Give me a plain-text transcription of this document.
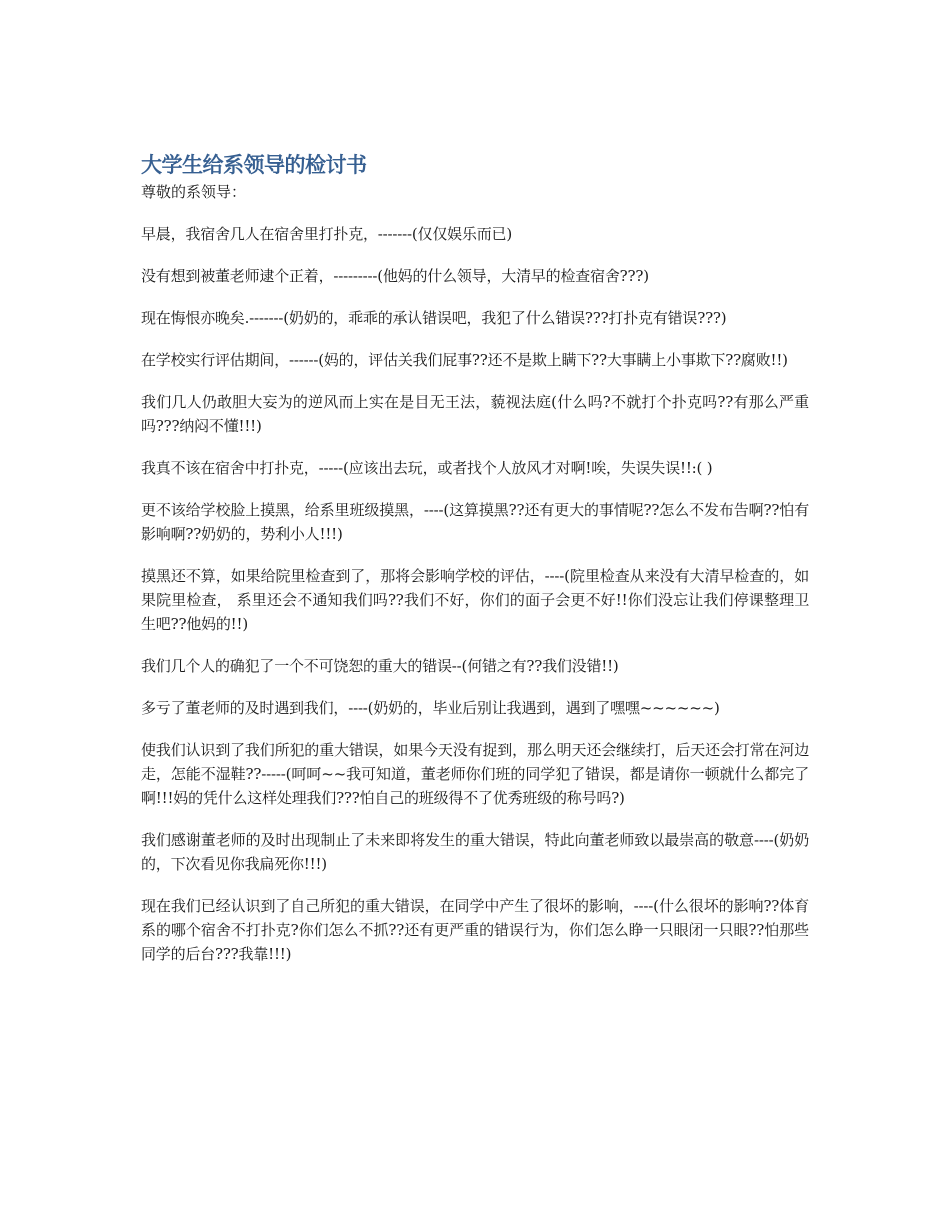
大学生给系领导的检讨书

尊敬的系领导：

早晨，我宿舍几人在宿舍里打扑克，-------(仅仅娱乐而已)

没有想到被董老师逮个正着，---------(他妈的什么领导，大清早的检查宿舍???)

现在悔恨亦晚矣.-------(奶奶的，乖乖的承认错误吧，我犯了什么错误???打扑克有错误???)

在学校实行评估期间，------(妈的，评估关我们屁事??还不是欺上瞒下??大事瞒上小事欺下??腐败!!)

我们几人仍敢胆大妄为的逆风而上实在是目无王法，藐视法庭(什么吗?不就打个扑克吗??有那么严重吗???纳闷不懂!!!)

我真不该在宿舍中打扑克，-----(应该出去玩，或者找个人放风才对啊!唉，失误失误!!:( )

更不该给学校脸上摸黑，给系里班级摸黑，----(这算摸黑??还有更大的事情呢??怎么不发布告啊??怕有影响啊??奶奶的，势利小人!!!)

摸黑还不算，如果给院里检查到了，那将会影响学校的评估，----(院里检查从来没有大清早检查的，如果院里检查， 系里还会不通知我们吗??我们不好，你们的面子会更不好!!你们没忘让我们停课整理卫生吧??他妈的!!)

我们几个人的确犯了一个不可饶恕的重大的错误--(何错之有??我们没错!!)

多亏了董老师的及时遇到我们，----(奶奶的，毕业后别让我遇到，遇到了嘿嘿~~~~~~)

使我们认识到了我们所犯的重大错误，如果今天没有捉到，那么明天还会继续打，后天还会打常在河边走，怎能不湿鞋??-----(呵呵~~我可知道，董老师你们班的同学犯了错误，都是请你一顿就什么都完了啊!!!妈的凭什么这样处理我们???怕自己的班级得不了优秀班级的称号吗?)

我们感谢董老师的及时出现制止了未来即将发生的重大错误，特此向董老师致以最崇高的敬意----(奶奶的，下次看见你我扁死你!!!)

现在我们已经认识到了自己所犯的重大错误，在同学中产生了很坏的影响，----(什么很坏的影响??体育系的哪个宿舍不打扑克?你们怎么不抓??还有更严重的错误行为，你们怎么睁一只眼闭一只眼??怕那些同学的后台???我靠!!!)
